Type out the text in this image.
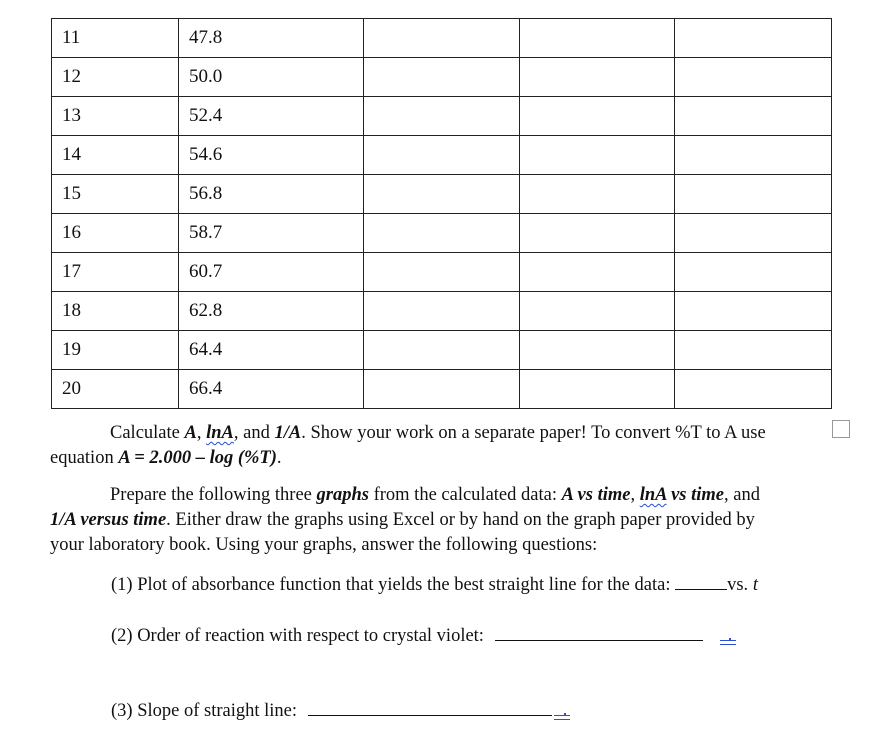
11	47.8			
12	50.0			
13	52.4			
14	54.6			
15	56.8			
16	58.7			
17	60.7			
18	62.8			
19	64.4			
20	66.4			
Calculate A, lnA, and 1/A. Show your work on a separate paper! To convert %T to A use
equation A = 2.000 – log (%T).
Prepare the following three graphs from the calculated data: A vs time, lnA vs time, and
1/A versus time. Either draw the graphs using Excel or by hand on the graph paper provided by
your laboratory book. Using your graphs, answer the following questions:
(1) Plot of absorbance function that yields the best straight line for the data:	vs. t
(2) Order of reaction with respect to crystal violet:
(3) Slope of straight line:
